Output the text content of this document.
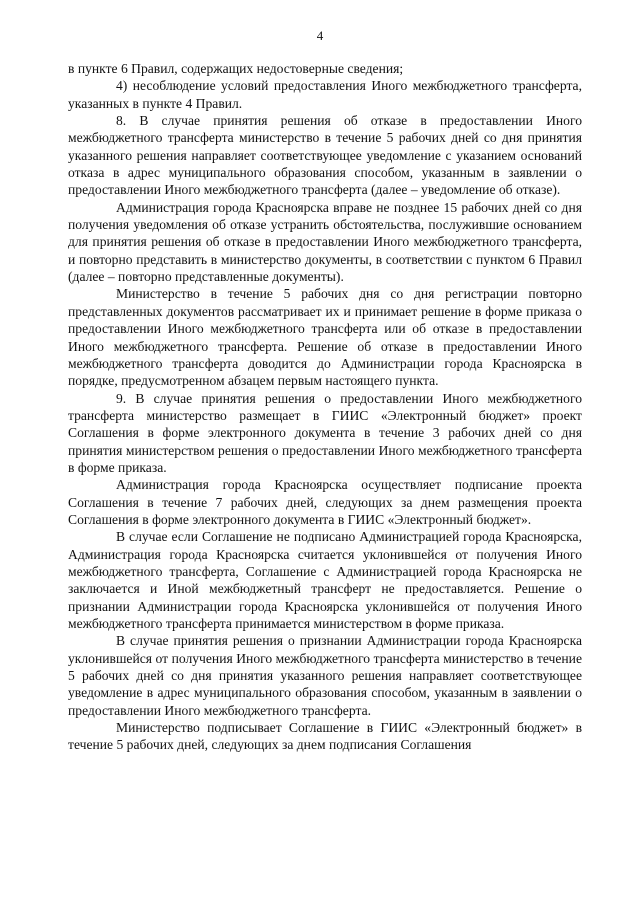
4

в пункте 6 Правил, содержащих недостоверные сведения;

4) несоблюдение условий предоставления Иного межбюджетного трансферта, указанных в пункте 4 Правил.

8. В случае принятия решения об отказе в предоставлении Иного межбюджетного трансферта министерство в течение 5 рабочих дней со дня принятия указанного решения направляет соответствующее уведомление с указанием оснований отказа в адрес муниципального образования способом, указанным в заявлении о предоставлении Иного межбюджетного трансферта (далее – уведомление об отказе).

Администрация города Красноярска вправе не позднее 15 рабочих дней со дня получения уведомления об отказе устранить обстоятельства, послужившие основанием для принятия решения об отказе в предоставлении Иного межбюджетного трансферта, и повторно представить в министерство документы, в соответствии с пунктом 6 Правил (далее – повторно представленные документы).

Министерство в течение 5 рабочих дня со дня регистрации повторно представленных документов рассматривает их и принимает решение в форме приказа о предоставлении Иного межбюджетного трансферта или об отказе в предоставлении Иного межбюджетного трансферта. Решение об отказе в предоставлении Иного межбюджетного трансферта доводится до Администрации города Красноярска в порядке, предусмотренном абзацем первым настоящего пункта.

9. В случае принятия решения о предоставлении Иного межбюджетного трансферта министерство размещает в ГИИС «Электронный бюджет» проект Соглашения в форме электронного документа в течение 3 рабочих дней со дня принятия министерством решения о предоставлении Иного межбюджетного трансферта в форме приказа.

Администрация города Красноярска осуществляет подписание проекта Соглашения в течение 7 рабочих дней, следующих за днем размещения проекта Соглашения в форме электронного документа в ГИИС «Электронный бюджет».

В случае если Соглашение не подписано Администрацией города Красноярска, Администрация города Красноярска считается уклонившейся от получения Иного межбюджетного трансферта, Соглашение с Администрацией города Красноярска не заключается и Иной межбюджетный трансферт не предоставляется. Решение о признании Администрации города Красноярска уклонившейся от получения Иного межбюджетного трансферта принимается министерством в форме приказа.

В случае принятия решения о признании Администрации города Красноярска уклонившейся от получения Иного межбюджетного трансферта министерство в течение 5 рабочих дней со дня принятия указанного решения направляет соответствующее уведомление в адрес муниципального образования способом, указанным в заявлении о предоставлении Иного межбюджетного трансферта.

Министерство подписывает Соглашение в ГИИС «Электронный бюджет» в течение 5 рабочих дней, следующих за днем подписания Соглашения
